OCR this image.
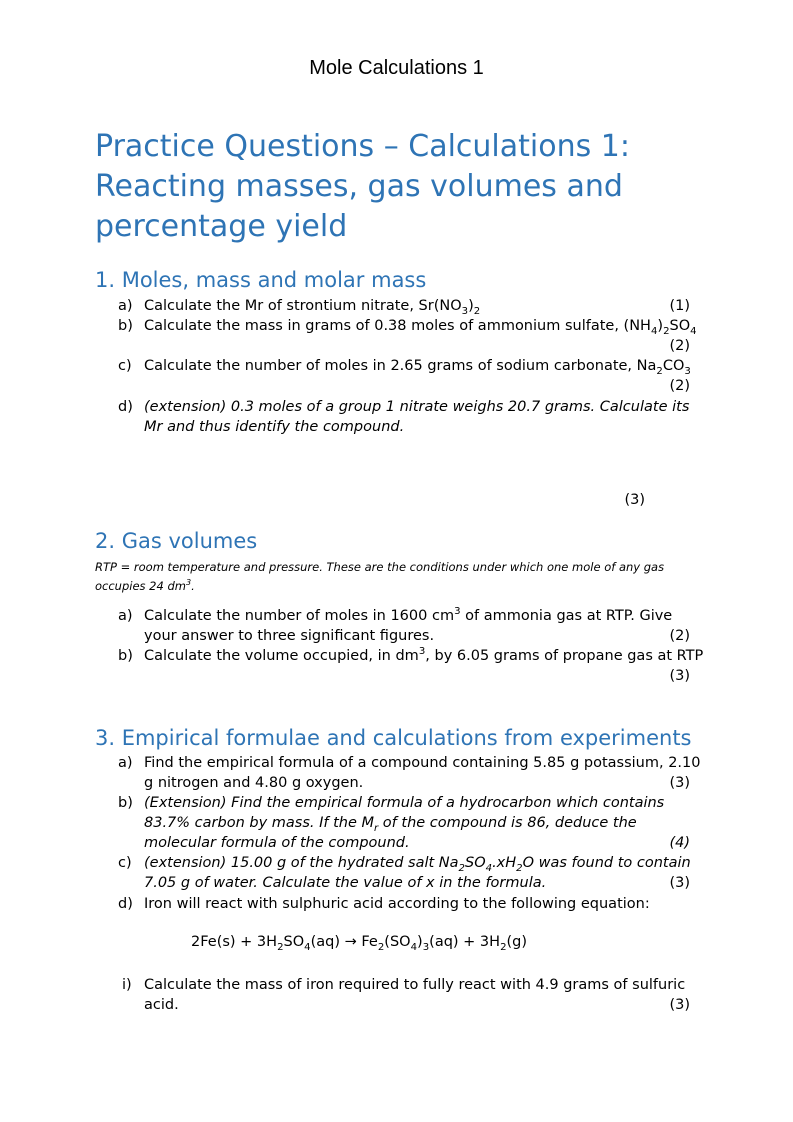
Mole Calculations 1
Practice Questions – Calculations 1:
Reacting masses, gas volumes and
percentage yield
1. Moles, mass and molar mass
a) Calculate the Mr of strontium nitrate, $Sr(NO_3)_2$	(1)
b) Calculate the mass in grams of 0.38 moles of ammonium sulfate, $(NH_4)_2SO_4$
(2)
c) Calculate the number of moles in 2.65 grams of sodium carbonate, $Na_2CO_3$
(2)
d) (extension) 0.3 moles of a group 1 nitrate weighs 20.7 grams. Calculate its
Mr and thus identify the compound.
(3)
2. Gas volumes
RTP = room temperature and pressure. These are the conditions under which one mole of any gas
occupies 24 $dm^3$.
a) Calculate the number of moles in 1600 $cm^3$ of ammonia gas at RTP. Give
your answer to three significant figures.	(2)
b) Calculate the volume occupied, in $dm^3$, by 6.05 grams of propane gas at RTP
(3)
3. Empirical formulae and calculations from experiments
a) Find the empirical formula of a compound containing 5.85 g potassium, 2.10
g nitrogen and 4.80 g oxygen.	(3)
b) (Extension) Find the empirical formula of a hydrocarbon which contains
83.7% carbon by mass. If the $M_r$ of the compound is 86, deduce the
molecular formula of the compound.	(4)
c) (extension) 15.00 g of the hydrated salt $Na_2SO_4.xH_2O$ was found to contain
7.05 g of water. Calculate the value of x in the formula.	(3)
d) Iron will react with sulphuric acid according to the following equation:
$2Fe(s) + 3H_2SO_4(aq) \to Fe_2(SO_4)_3(aq) + 3H_2(g)$
i) Calculate the mass of iron required to fully react with 4.9 grams of sulfuric
acid.	(3)
